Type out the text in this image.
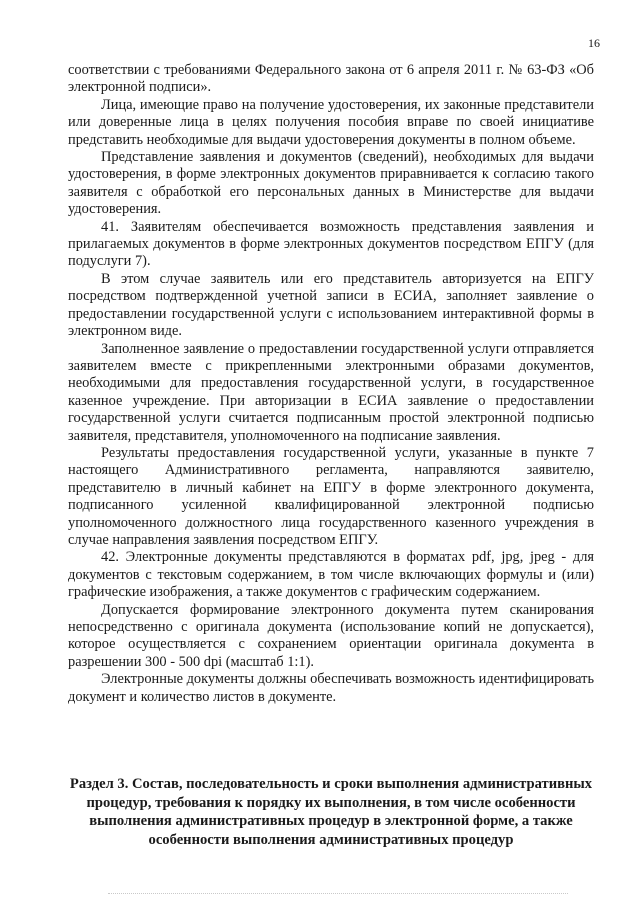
16

соответствии с требованиями Федерального закона от 6 апреля 2011 г. № 63-ФЗ «Об электронной подписи».

Лица, имеющие право на получение удостоверения, их законные представители или доверенные лица в целях получения пособия вправе по своей инициативе представить необходимые для выдачи удостоверения документы в полном объеме.

Представление заявления и документов (сведений), необходимых для выдачи удостоверения, в форме электронных документов приравнивается к согласию такого заявителя с обработкой его персональных данных в Министерстве для выдачи удостоверения.

41. Заявителям обеспечивается возможность представления заявления и прилагаемых документов в форме электронных документов посредством ЕПГУ (для подуслуги 7).

В этом случае заявитель или его представитель авторизуется на ЕПГУ посредством подтвержденной учетной записи в ЕСИА, заполняет заявление о предоставлении государственной услуги с использованием интерактивной формы в электронном виде.

Заполненное заявление о предоставлении государственной услуги отправляется заявителем вместе с прикрепленными электронными образами документов, необходимыми для предоставления государственной услуги, в государственное казенное учреждение. При авторизации в ЕСИА заявление о предоставлении государственной услуги считается подписанным простой электронной подписью заявителя, представителя, уполномоченного на подписание заявления.

Результаты предоставления государственной услуги, указанные в пункте 7 настоящего Административного регламента, направляются заявителю, представителю в личный кабинет на ЕПГУ в форме электронного документа, подписанного усиленной квалифицированной электронной подписью уполномоченного должностного лица государственного казенного учреждения в случае направления заявления посредством ЕПГУ.

42. Электронные документы представляются в форматах pdf, jpg, jpeg - для документов с текстовым содержанием, в том числе включающих формулы и (или) графические изображения, а также документов с графическим содержанием.

Допускается формирование электронного документа путем сканирования непосредственно с оригинала документа (использование копий не допускается), которое осуществляется с сохранением ориентации оригинала документа в разрешении 300 - 500 dpi (масштаб 1:1).

Электронные документы должны обеспечивать возможность идентифицировать документ и количество листов в документе.

Раздел 3. Состав, последовательность и сроки выполнения административных процедур, требования к порядку их выполнения, в том числе особенности выполнения административных процедур в электронной форме, а также особенности выполнения административных процедур
